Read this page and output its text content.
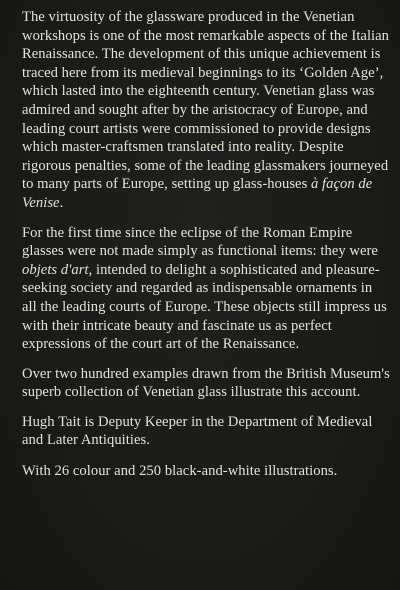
The virtuosity of the glassware produced in the Venetian workshops is one of the most remarkable aspects of the Italian Renaissance. The development of this unique achievement is traced here from its medieval beginnings to its ‘Golden Age’, which lasted into the eighteenth century. Venetian glass was admired and sought after by the aristocracy of Europe, and leading court artists were commissioned to provide designs which master-craftsmen translated into reality. Despite rigorous penalties, some of the leading glassmakers journeyed to many parts of Europe, setting up glass-houses à façon de Venise.

For the first time since the eclipse of the Roman Empire glasses were not made simply as functional items: they were objets d'art, intended to delight a sophisticated and pleasure-seeking society and regarded as indispensable ornaments in all the leading courts of Europe. These objects still impress us with their intricate beauty and fascinate us as perfect expressions of the court art of the Renaissance.

Over two hundred examples drawn from the British Museum's superb collection of Venetian glass illustrate this account.

Hugh Tait is Deputy Keeper in the Department of Medieval and Later Antiquities.

With 26 colour and 250 black-and-white illustrations.
